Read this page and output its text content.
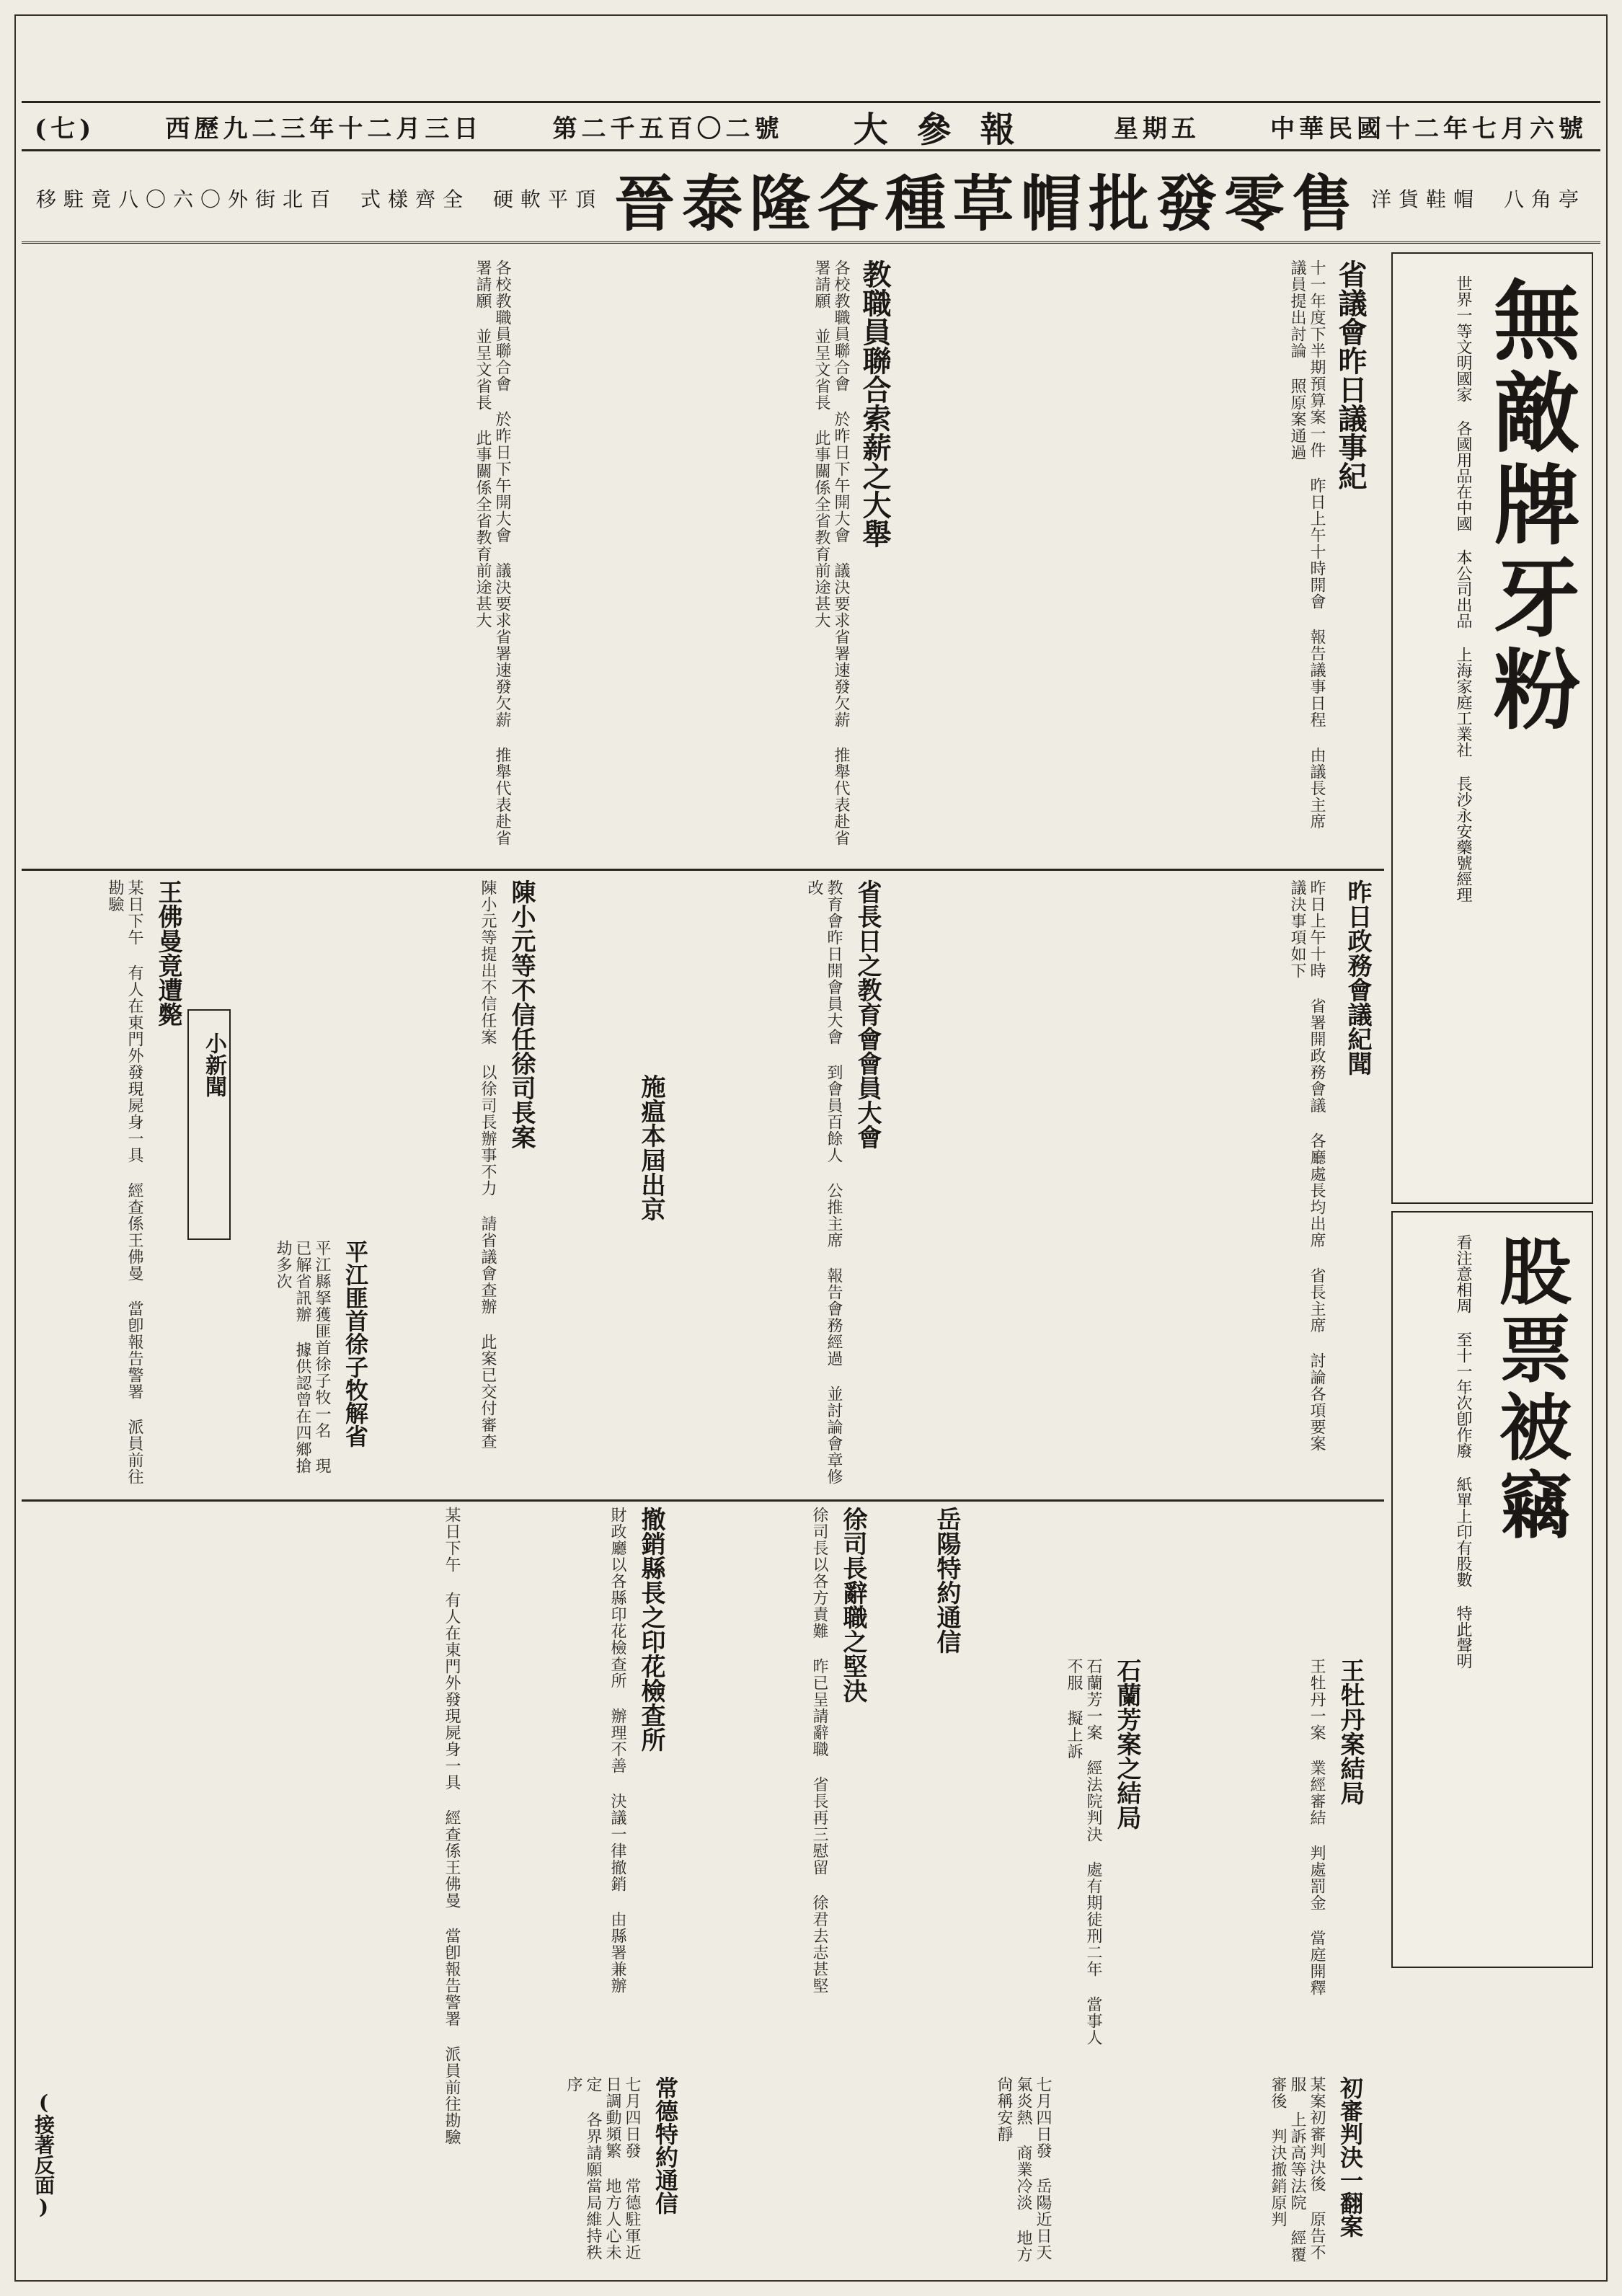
(七)	西歷九二三年十二月三日	第二千五百〇二號 大參報	星期五	中華民國十二年七月六號
移駐竟八〇六〇外街北百 式樣齊全 硬軟平頂 晉泰隆各種草帽批發零售 洋貨鞋帽 八角亭
無敵牌牙粉
世界一等文明國家 各國用品在中國 本公司出品 上海家庭工業社 長沙永安藥號經理
股票被竊
看注意相周 至十一年次卽作廢 紙單上印有股數 特此聲明
省議會昨日議事紀
十一年度下半期預算案一件 昨日上午十時開會 報告議事日程 由議長主席 議員提出討論 照原案通過
教職員聯合索薪之大舉
各校教職員聯合會 於昨日下午開大會 議決要求省署速發欠薪 推舉代表赴省署請願 並呈文省長 此事關係全省教育前途甚大
各校教職員聯合會 於昨日下午開大會 議決要求省署速發欠薪 推舉代表赴省署請願 並呈文省長 此事關係全省教育前途甚大
昨日政務會議紀聞
昨日上午十時 省署開政務會議 各廳處長均出席 省長主席 討論各項要案 議決事項如下
省長日之教育會會員大會
教育會昨日開會員大會 到會員百餘人 公推主席 報告會務經過 並討論會章修改
施瘟本屆出京
陳小元等不信任徐司長案
陳小元等提出不信任案 以徐司長辦事不力 請省議會查辦 此案已交付審查
小新聞
王佛曼竟遭斃
某日下午 有人在東門外發現屍身一具 經查係王佛曼 當卽報告警署 派員前往勘驗
平江匪首徐子牧解省
平江縣拏獲匪首徐子牧一名 現已解省訊辦 據供認曾在四鄉搶劫多次
撤銷縣長之印花檢查所
財政廳以各縣印花檢查所 辦理不善 決議一律撤銷 由縣署兼辦	徐司長辭職之堅決
徐司長以各方責難 昨已呈請辭職 省長再三慰留 徐君去志甚堅	石蘭芳案之結局
石蘭芳一案 經法院判決 處有期徒刑二年 當事人不服 擬上訴	王牡丹案結局
王牡丹一案 業經審結 判處罰金 當庭開釋
初審判決一翻案
某案初審判決後 原告不服 上訴高等法院 經覆審後 判決撤銷原判
岳陽特約通信
常德特約通信
七月四日發 常德駐軍近日調動頻繁 地方人心未定 各界請願當局維持秩序	七月四日發 岳陽近日天氣炎熱 商業冷淡 地方尙稱安靜
某日下午 有人在東門外發現屍身一具 經查係王佛曼 當卽報告警署 派員前往勘驗
(接著反面)
